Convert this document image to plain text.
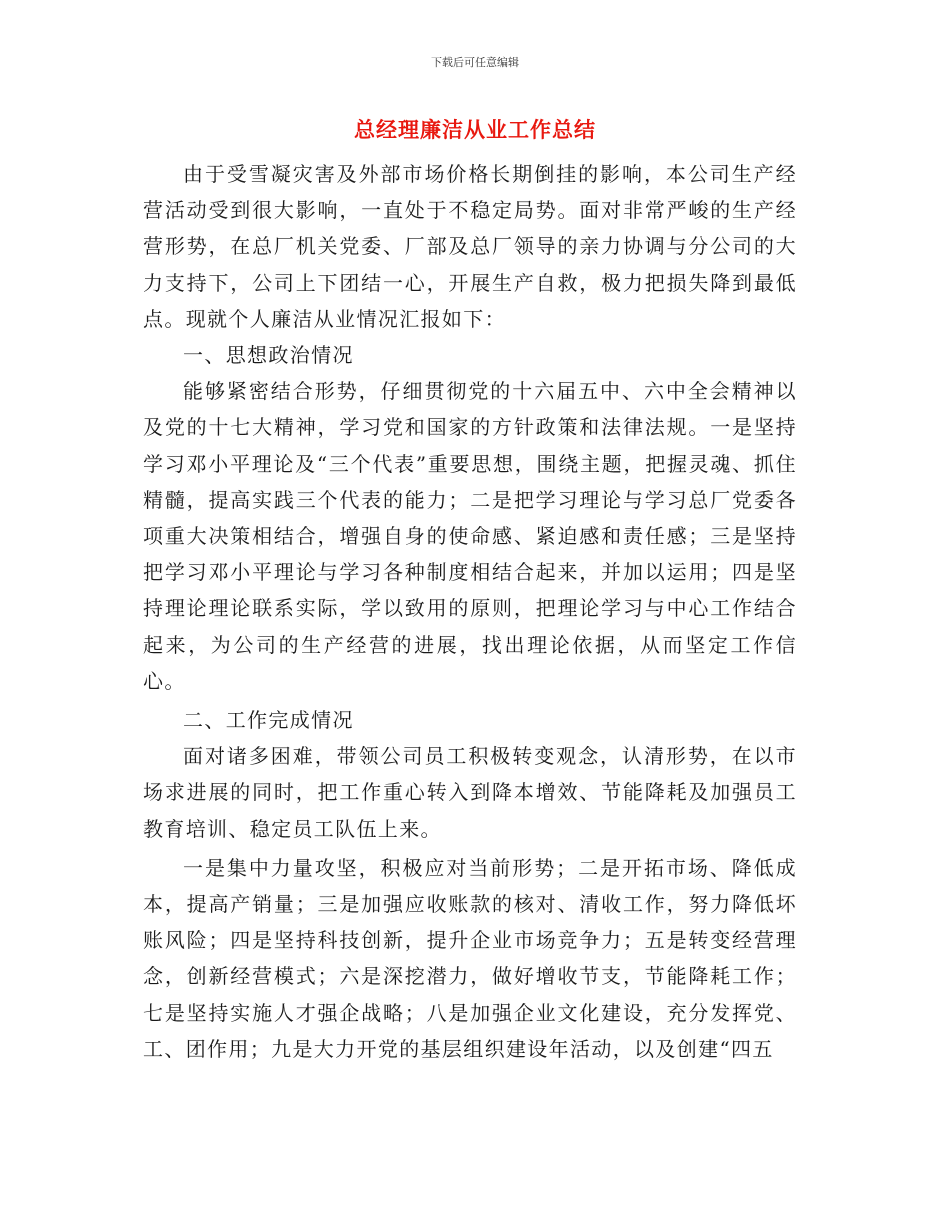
下载后可任意编辑
总经理廉洁从业工作总结

由于受雪凝灾害及外部市场价格长期倒挂的影响，本公司生产经营活动受到很大影响，一直处于不稳定局势。面对非常严峻的生产经营形势，在总厂机关党委、厂部及总厂领导的亲力协调与分公司的大力支持下，公司上下团结一心，开展生产自救，极力把损失降到最低点。现就个人廉洁从业情况汇报如下：

一、思想政治情况

能够紧密结合形势，仔细贯彻党的十六届五中、六中全会精神以及党的十七大精神，学习党和国家的方针政策和法律法规。一是坚持学习邓小平理论及“三个代表”重要思想，围绕主题，把握灵魂、抓住精髓，提高实践三个代表的能力；二是把学习理论与学习总厂党委各项重大决策相结合，增强自身的使命感、紧迫感和责任感；三是坚持把学习邓小平理论与学习各种制度相结合起来，并加以运用；四是坚持理论理论联系实际，学以致用的原则，把理论学习与中心工作结合起来，为公司的生产经营的进展，找出理论依据，从而坚定工作信心。

二、工作完成情况

面对诸多困难，带领公司员工积极转变观念，认清形势，在以市场求进展的同时，把工作重心转入到降本增效、节能降耗及加强员工教育培训、稳定员工队伍上来。

一是集中力量攻坚，积极应对当前形势；二是开拓市场、降低成本，提高产销量；三是加强应收账款的核对、清收工作，努力降低坏账风险；四是坚持科技创新，提升企业市场竞争力；五是转变经营理念，创新经营模式；六是深挖潜力，做好增收节支，节能降耗工作；七是坚持实施人才强企战略；八是加强企业文化建设，充分发挥党、工、团作用；九是大力开党的基层组织建设年活动，以及创建“四五
